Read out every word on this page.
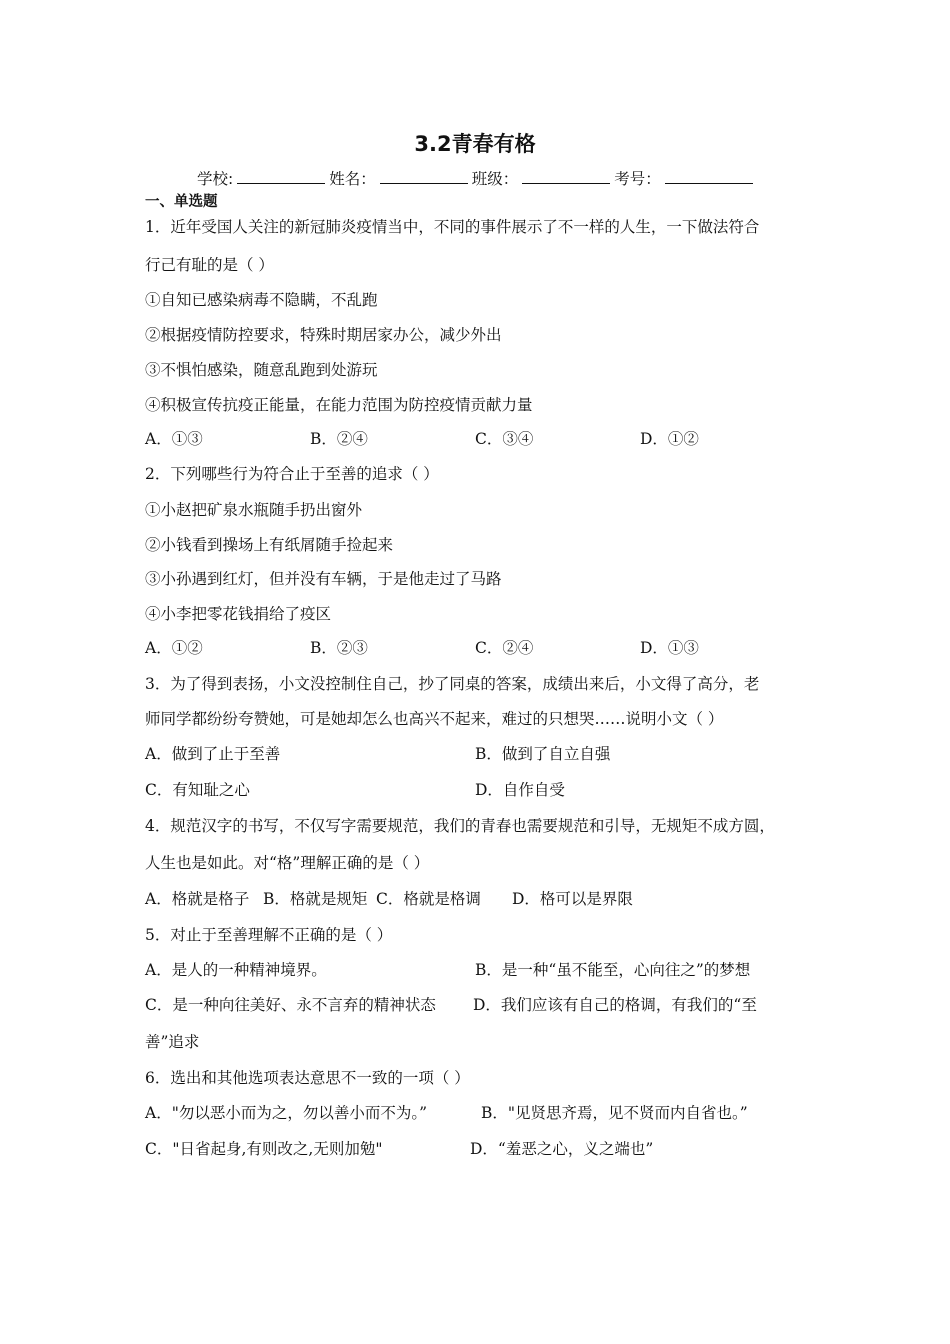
3.2青春有格
学校:	姓名：	班级：	考号：
一、单选题
1．近年受国人关注的新冠肺炎疫情当中，不同的事件展示了不一样的人生，一下做法符合
行己有耻的是（ ）
①自知已感染病毒不隐瞒，不乱跑
②根据疫情防控要求，特殊时期居家办公，减少外出
③不惧怕感染，随意乱跑到处游玩
④积极宣传抗疫正能量，在能力范围为防控疫情贡献力量
A．①③	B．②④	C．③④	D．①②
2．下列哪些行为符合止于至善的追求（ ）
①小赵把矿泉水瓶随手扔出窗外
②小钱看到操场上有纸屑随手捡起来
③小孙遇到红灯，但并没有车辆，于是他走过了马路
④小李把零花钱捐给了疫区
A．①②	B．②③	C．②④	D．①③
3．为了得到表扬，小文没控制住自己，抄了同桌的答案，成绩出来后，小文得了高分，老
师同学都纷纷夸赞她，可是她却怎么也高兴不起来，难过的只想哭……说明小文（ ）
A．做到了止于至善	B．做到了自立自强
C．有知耻之心	D．自作自受
4．规范汉字的书写，不仅写字需要规范，我们的青春也需要规范和引导，无规矩不成方圆，
人生也是如此。对“格”理解正确的是（ ）
A．格就是格子 B．格就是规矩 C．格就是格调 D．格可以是界限
5．对止于至善理解不正确的是（ ）
A．是人的一种精神境界。	B．是一种“虽不能至，心向往之”的梦想
C．是一种向往美好、永不言弃的精神状态 D．我们应该有自己的格调，有我们的“至
善”追求
6．选出和其他选项表达意思不一致的一项（ ）
A．"勿以恶小而为之，勿以善小而不为。”	B．"见贤思齐焉，见不贤而内自省也。”
C．"日省起身,有则改之,无则加勉"	D．“羞恶之心，义之端也”
